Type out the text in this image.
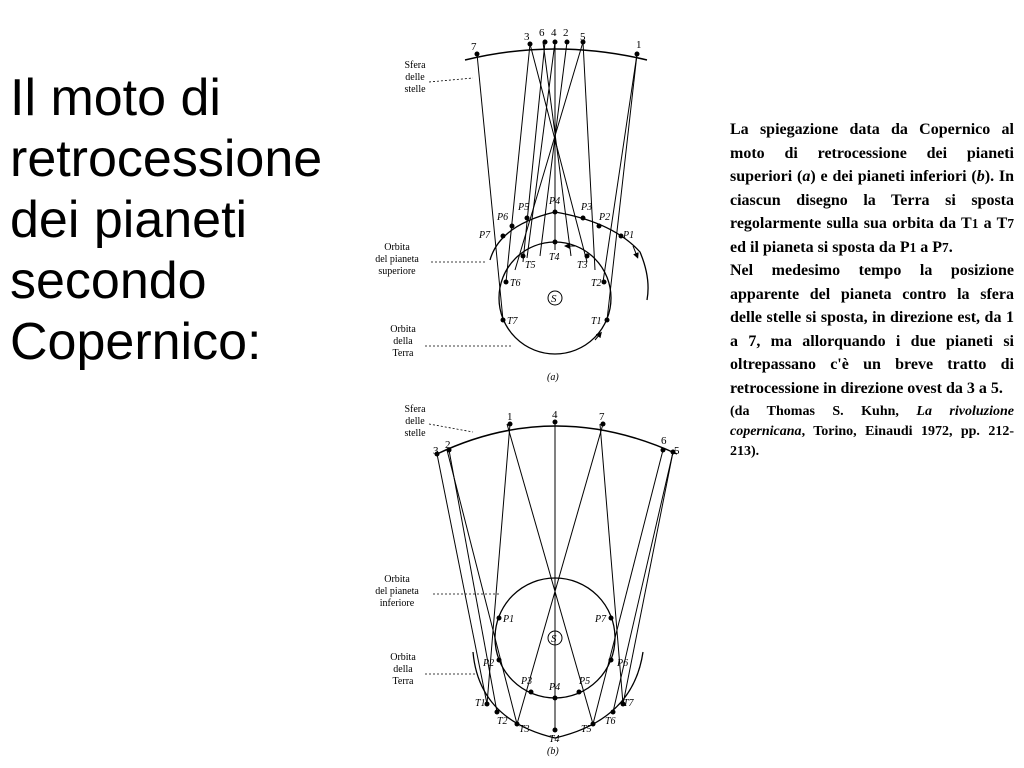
Il moto di
retrocessione
dei pianeti
secondo
Copernico:
7
3 6 4 2 5
1
P7
P6
P5
P4
P3
P2
P1
T7
T6
T5
T4
T3
T2
T1
S
Sfera
delle
stelle
Orbita
del pianeta
superiore
Orbita
della
Terra
(a)
3 2
1	4	7
6
5
P1
P2
P3
P4
P5
P6
P7
T1
T2
T3
T4
T5
T6
T7
S
Sfera
delle
stelle
Orbita
del pianeta
inferiore
Orbita
della
Terra
(b)

La spiegazione data da Copernico al moto di retrocessione dei pianeti superiori (a) e dei pianeti inferiori (b). In ciascun disegno la Terra si sposta regolarmente sulla sua orbita da T1 a T7 ed il pianeta si sposta da P1 a P7.

Nel medesimo tempo la posizione apparente del pianeta contro la sfera delle stelle si sposta, in direzione est, da 1 a 7, ma allorquando i due pianeti si oltrepassano c'è un breve tratto di retrocessione in direzione ovest da 3 a 5.

(da Thomas S. Kuhn, La rivoluzione copernicana, Torino, Einaudi 1972, pp. 212-213).
